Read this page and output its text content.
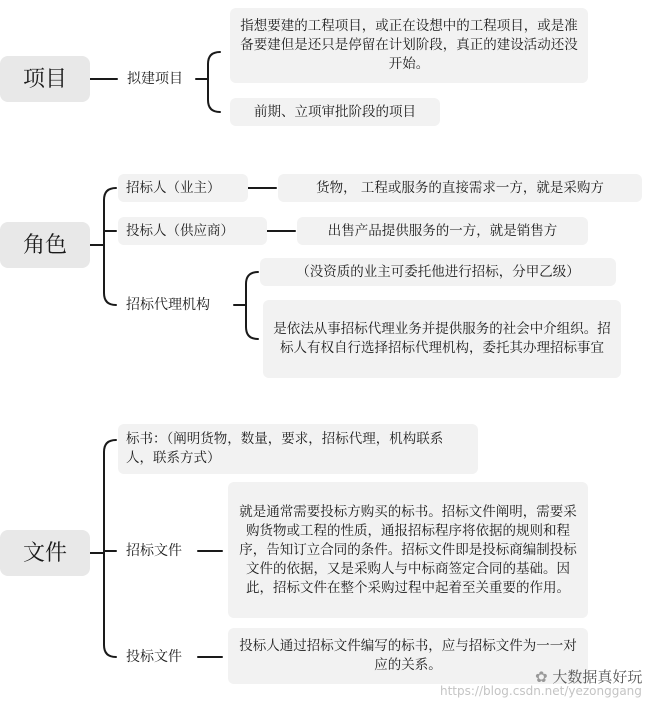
项目	拟建项目
指想要建的工程项目，或正在设想中的工程项目，或是准备要建但是还只是停留在计划阶段，真正的建设活动还没开始。
前期、立项审批阶段的项目
角色
招标人（业主）	货物， 工程或服务的直接需求一方，就是采购方
投标人（供应商）	出售产品提供服务的一方，就是销售方
招标代理机构
（没资质的业主可委托他进行招标，分甲乙级）
是依法从事招标代理业务并提供服务的社会中介组织。招标人有权自行选择招标代理机构，委托其办理招标事宜
文件
标书：（阐明货物，数量，要求，招标代理，机构联系人，联系方式）
招标文件
就是通常需要投标方购买的标书。招标文件阐明，需要采购货物或工程的性质，通报招标程序将依据的规则和程序，告知订立合同的条件。招标文件即是投标商编制投标文件的依据，又是采购人与中标商签定合同的基础。因此，招标文件在整个采购过程中起着至关重要的作用。
投标文件
投标人通过招标文件编写的标书，应与招标文件为一一对应的关系。
✿ 大数据真好玩
https://blog.csdn.net/yezonggang
